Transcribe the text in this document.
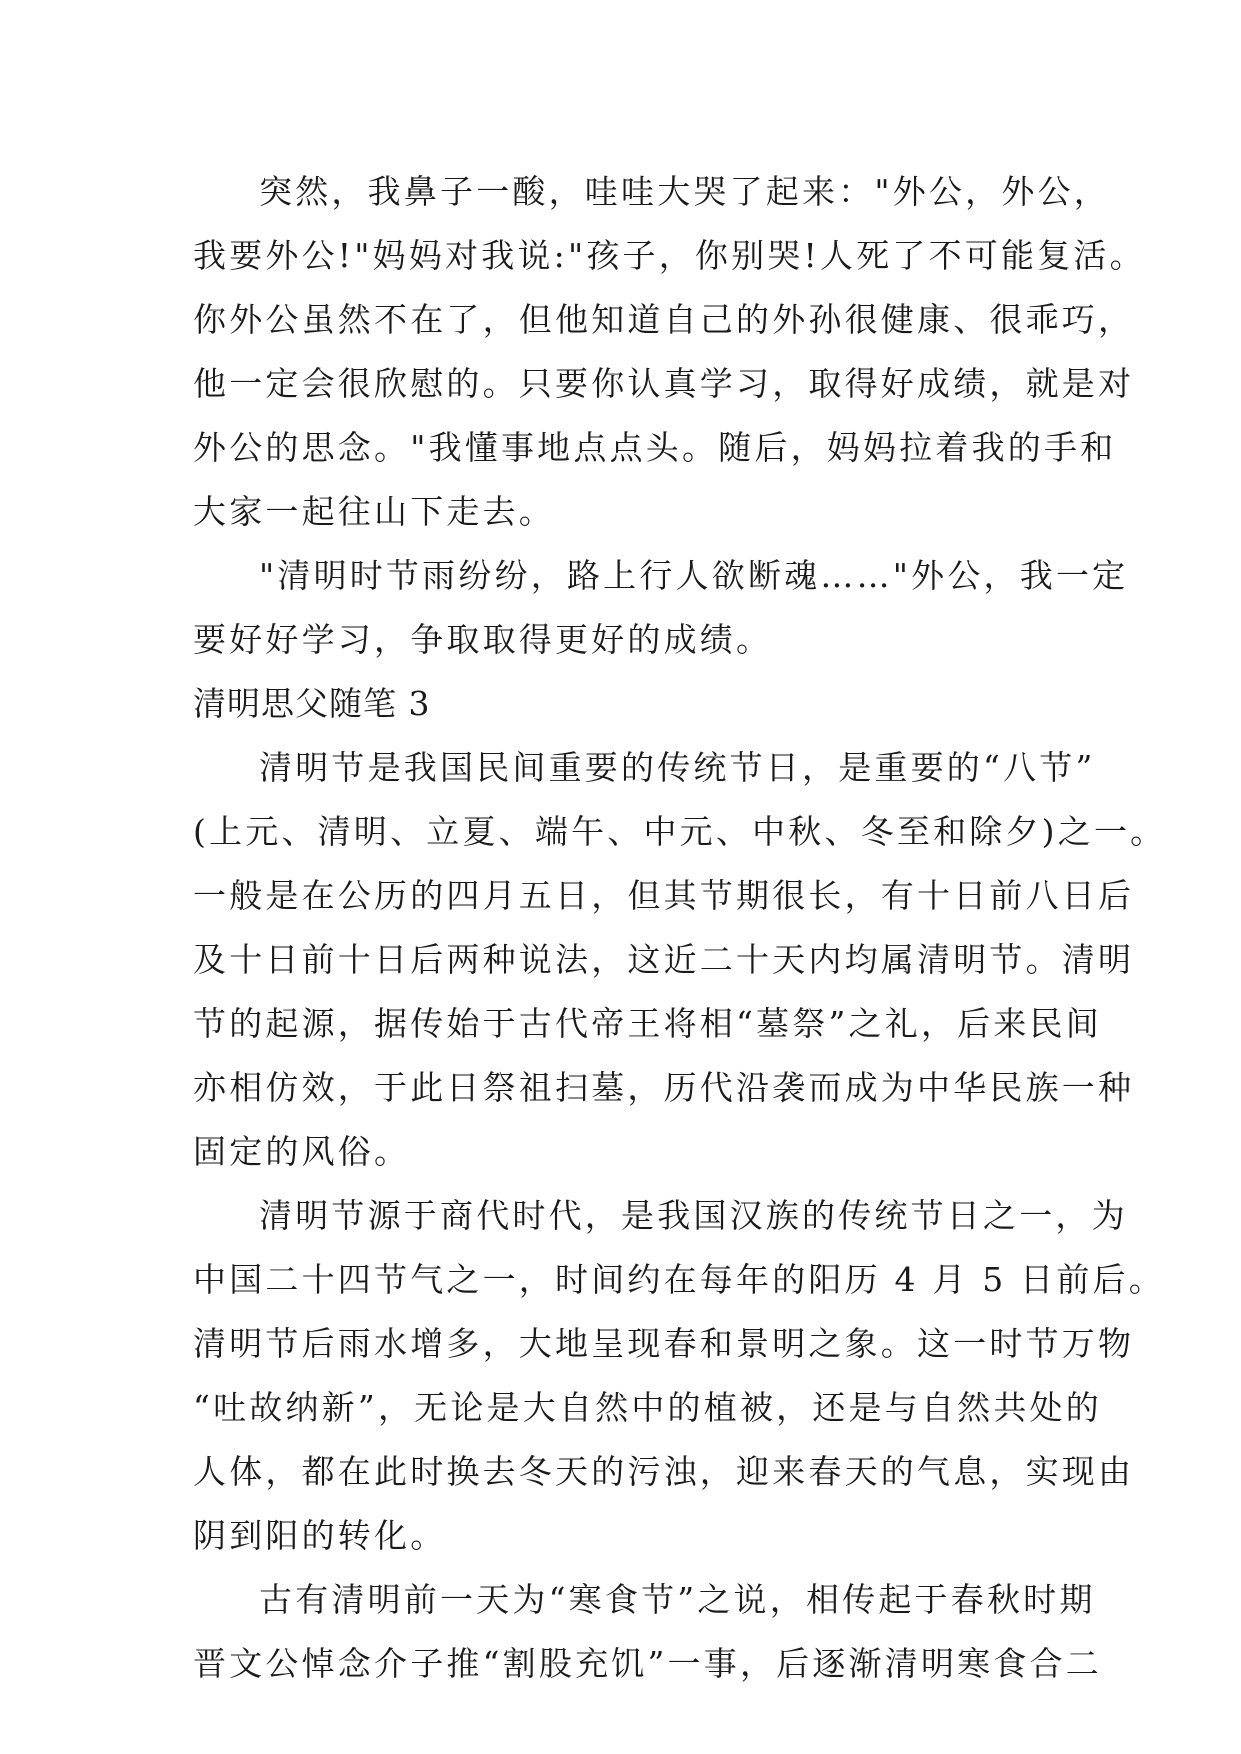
突然，我鼻子一酸，哇哇大哭了起来："外公，外公，
我要外公!"妈妈对我说:"孩子，你别哭!人死了不可能复活。
你外公虽然不在了，但他知道自己的外孙很健康、很乖巧，
他一定会很欣慰的。只要你认真学习，取得好成绩，就是对
外公的思念。"我懂事地点点头。随后，妈妈拉着我的手和
大家一起往山下走去。
"清明时节雨纷纷，路上行人欲断魂……"外公，我一定
要好好学习，争取取得更好的成绩。
清明思父随笔 3
清明节是我国民间重要的传统节日，是重要的“八节”
(上元、清明、立夏、端午、中元、中秋、冬至和除夕)之一。
一般是在公历的四月五日，但其节期很长，有十日前八日后
及十日前十日后两种说法，这近二十天内均属清明节。清明
节的起源，据传始于古代帝王将相“墓祭”之礼，后来民间
亦相仿效，于此日祭祖扫墓，历代沿袭而成为中华民族一种
固定的风俗。
清明节源于商代时代，是我国汉族的传统节日之一，为
中国二十四节气之一，时间约在每年的阳历 4 月 5 日前后。
清明节后雨水增多，大地呈现春和景明之象。这一时节万物
“吐故纳新”，无论是大自然中的植被，还是与自然共处的
人体，都在此时换去冬天的污浊，迎来春天的气息，实现由
阴到阳的转化。
古有清明前一天为“寒食节”之说，相传起于春秋时期
晋文公悼念介子推“割股充饥”一事，后逐渐清明寒食合二
